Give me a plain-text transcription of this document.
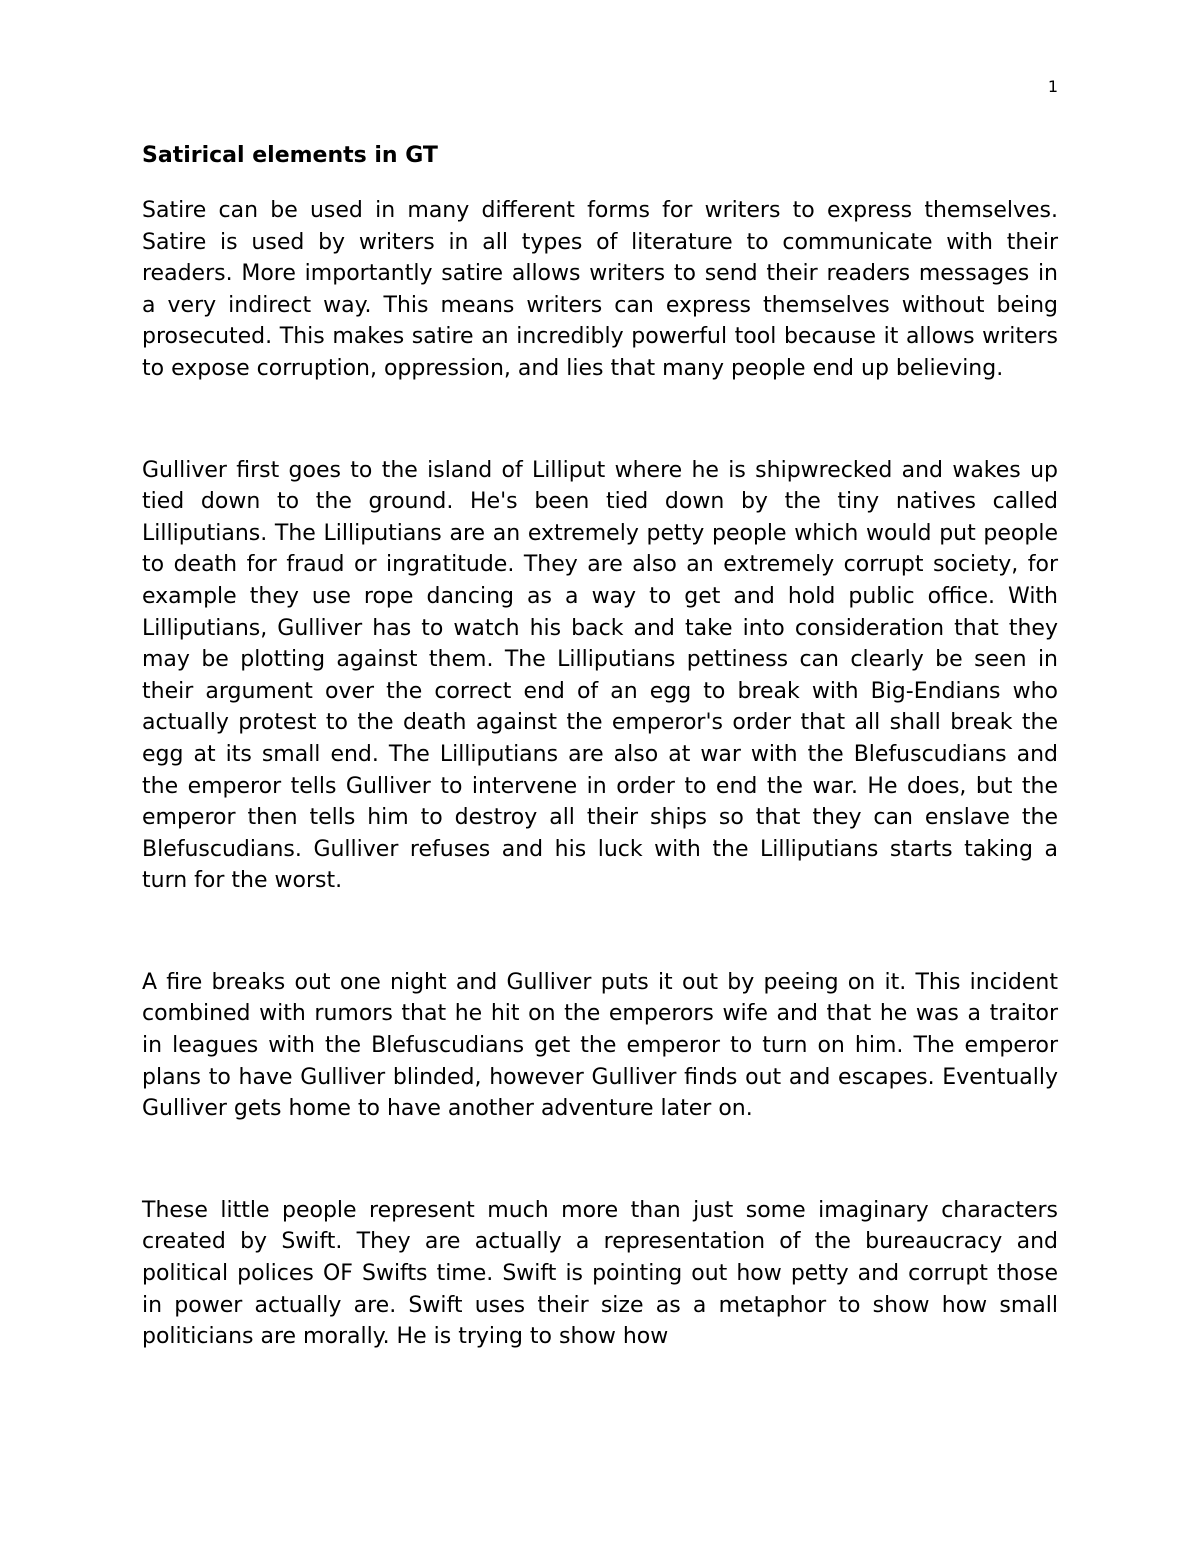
1
Satirical elements in GT

Satire can be used in many different forms for writers to express themselves. Satire is used by writers in all types of literature to communicate with their readers. More importantly satire allows writers to send their readers messages in a very indirect way. This means writers can express themselves without being prosecuted. This makes satire an incredibly powerful tool because it allows writers to expose corruption, oppression, and lies that many people end up believing.

Gulliver first goes to the island of Lilliput where he is shipwrecked and wakes up tied down to the ground. He's been tied down by the tiny natives called Lilliputians. The Lilliputians are an extremely petty people which would put people to death for fraud or ingratitude. They are also an extremely corrupt society, for example they use rope dancing as a way to get and hold public office. With Lilliputians, Gulliver has to watch his back and take into consideration that they may be plotting against them. The Lilliputians pettiness can clearly be seen in their argument over the correct end of an egg to break with Big-Endians who actually protest to the death against the emperor's order that all shall break the egg at its small end. The Lilliputians are also at war with the Blefuscudians and the emperor tells Gulliver to intervene in order to end the war. He does, but the emperor then tells him to destroy all their ships so that they can enslave the Blefuscudians. Gulliver refuses and his luck with the Lilliputians starts taking a turn for the worst.

A fire breaks out one night and Gulliver puts it out by peeing on it. This incident combined with rumors that he hit on the emperors wife and that he was a traitor in leagues with the Blefuscudians get the emperor to turn on him. The emperor plans to have Gulliver blinded, however Gulliver finds out and escapes. Eventually Gulliver gets home to have another adventure later on.

These little people represent much more than just some imaginary characters created by Swift. They are actually a representation of the bureaucracy and political polices OF Swifts time. Swift is pointing out how petty and corrupt those in power actually are. Swift uses their size as a metaphor to show how small politicians are morally. He is trying to show how
